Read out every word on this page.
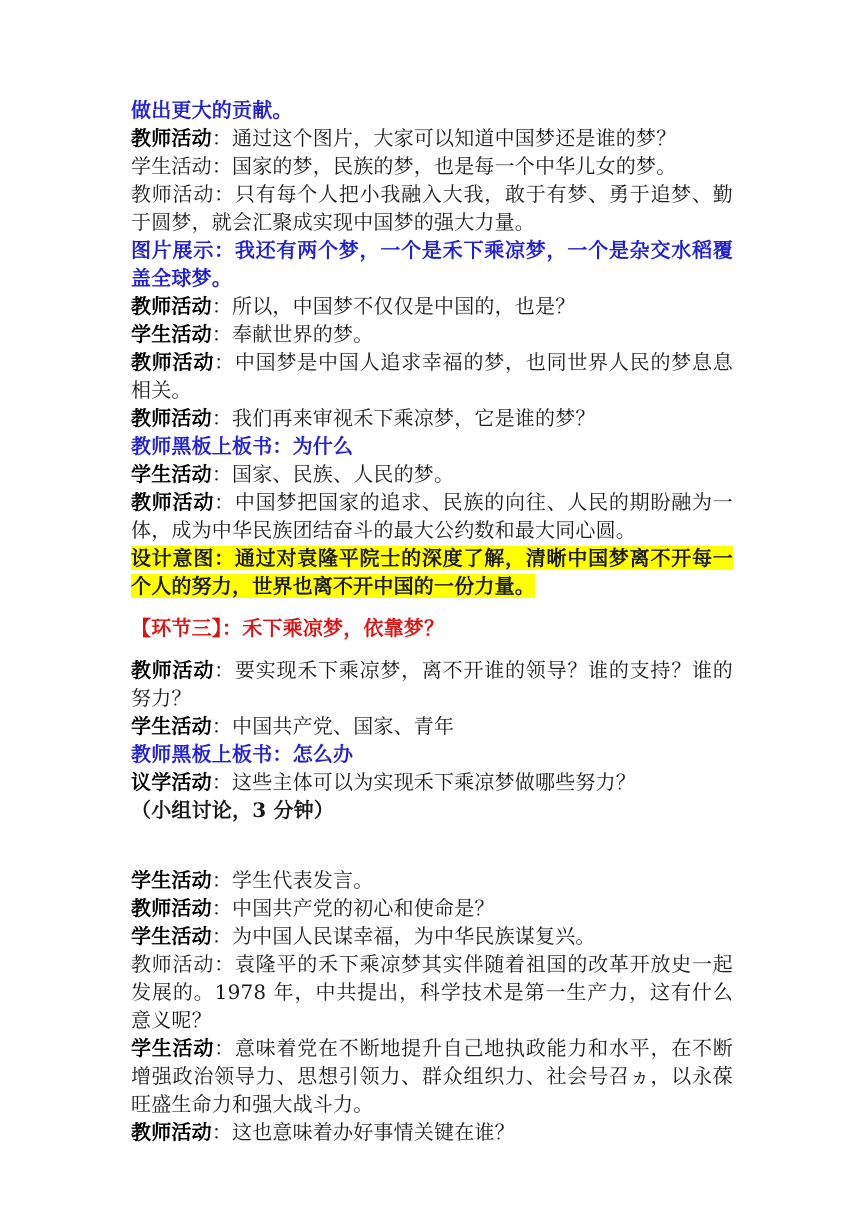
做出更大的贡献。

教师活动：通过这个图片，大家可以知道中国梦还是谁的梦？

学生活动：国家的梦，民族的梦，也是每一个中华儿女的梦。

教师活动：只有每个人把小我融入大我，敢于有梦、勇于追梦、勤于圆梦，就会汇聚成实现中国梦的强大力量。

图片展示：我还有两个梦，一个是禾下乘凉梦，一个是杂交水稻覆盖全球梦。

教师活动：所以，中国梦不仅仅是中国的，也是？

学生活动：奉献世界的梦。

教师活动：中国梦是中国人追求幸福的梦，也同世界人民的梦息息相关。

教师活动：我们再来审视禾下乘凉梦，它是谁的梦？

教师黑板上板书：为什么

学生活动：国家、民族、人民的梦。

教师活动：中国梦把国家的追求、民族的向往、人民的期盼融为一体，成为中华民族团结奋斗的最大公约数和最大同心圆。

设计意图：通过对袁隆平院士的深度了解，清晰中国梦离不开每一个人的努力，世界也离不开中国的一份力量。

【环节三】：禾下乘凉梦，依靠梦？

教师活动：要实现禾下乘凉梦，离不开谁的领导？谁的支持？谁的努力？

学生活动：中国共产党、国家、青年

教师黑板上板书：怎么办

议学活动：这些主体可以为实现禾下乘凉梦做哪些努力？

（小组讨论，3 分钟）

学生活动：学生代表发言。

教师活动：中国共产党的初心和使命是？

学生活动：为中国人民谋幸福，为中华民族谋复兴。

教师活动：袁隆平的禾下乘凉梦其实伴随着祖国的改革开放史一起发展的。1978 年，中共提出，科学技术是第一生产力，这有什么意义呢？

学生活动：意味着党在不断地提升自己地执政能力和水平，在不断增强政治领导力、思想引领力、群众组织力、社会号召ヵ，以永葆旺盛生命力和强大战斗力。

教师活动：这也意味着办好事情关键在谁？
